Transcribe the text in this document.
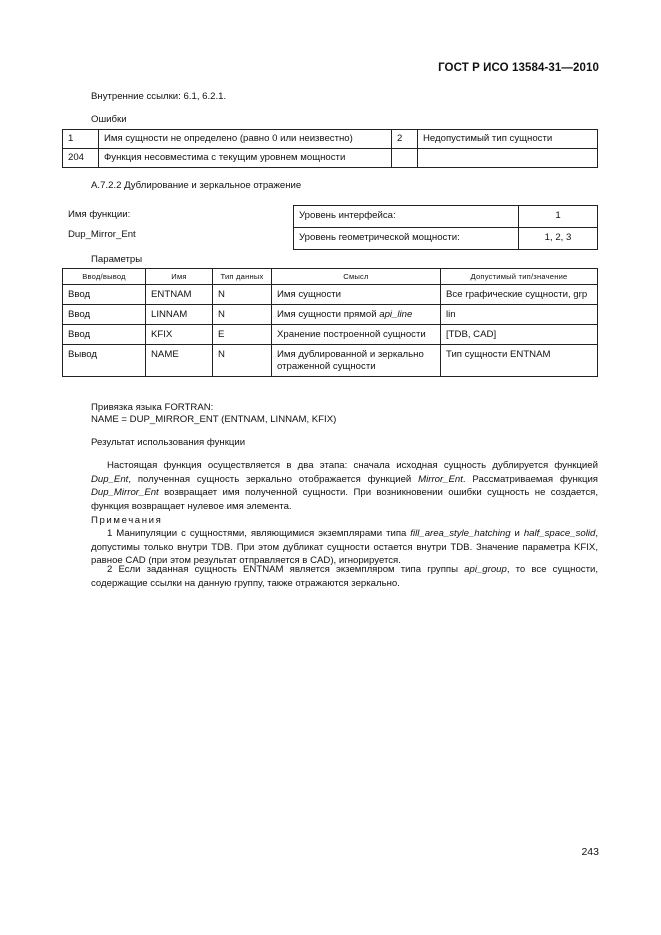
ГОСТ Р ИСО 13584-31—2010
Внутренние ссылки: 6.1, 6.2.1.
Ошибки
1	Имя сущности не определено (равно 0 или неизвестно)	2	Недопустимый тип сущности
204	Функция несовместима с текущим уровнем мощности		
А.7.2.2 Дублирование и зеркальное отражение
Имя функции:
Dup_Mirror_Ent
Уровень интерфейса:	1
Уровень геометрической мощности:	1, 2, 3
Параметры
Ввод/вывод	Имя	Тип данных	Смысл	Допустимый тип/значение
Ввод	ENTNAM	N	Имя сущности	Все графические сущности, grp
Ввод	LINNAM	N	Имя сущности прямой api_line	lin
Ввод	KFIX	E	Хранение построенной сущности	[TDB, CAD]
Вывод	NAME	N	Имя дублированной и зеркально отраженной сущности	Тип сущности ENTNAM
Привязка языка FORTRAN:
NAME = DUP_MIRROR_ENT (ENTNAM, LINNAM, KFIX)
Результат использования функции

Настоящая функция осуществляется в два этапа: сначала исходная сущность дублируется функцией Dup_Ent, полученная сущность зеркально отображается функцией Mirror_Ent. Рассматриваемая функция Dup_Mirror_Ent возвращает имя полученной сущности. При возникновении ошибки сущность не создается, функция возвращает нулевое имя элемента.

Примечания

1 Манипуляции с сущностями, являющимися экземплярами типа fill_area_style_hatching и half_space_solid, допустимы только внутри TDB. При этом дубликат сущности остается внутри TDB. Значение параметра KFIX, равное CAD (при этом результат отправляется в CAD), игнорируется.

2 Если заданная сущность ENTNAM является экземпляром типа группы api_group, то все сущности, содержащие ссылки на данную группу, также отражаются зеркально.

243
